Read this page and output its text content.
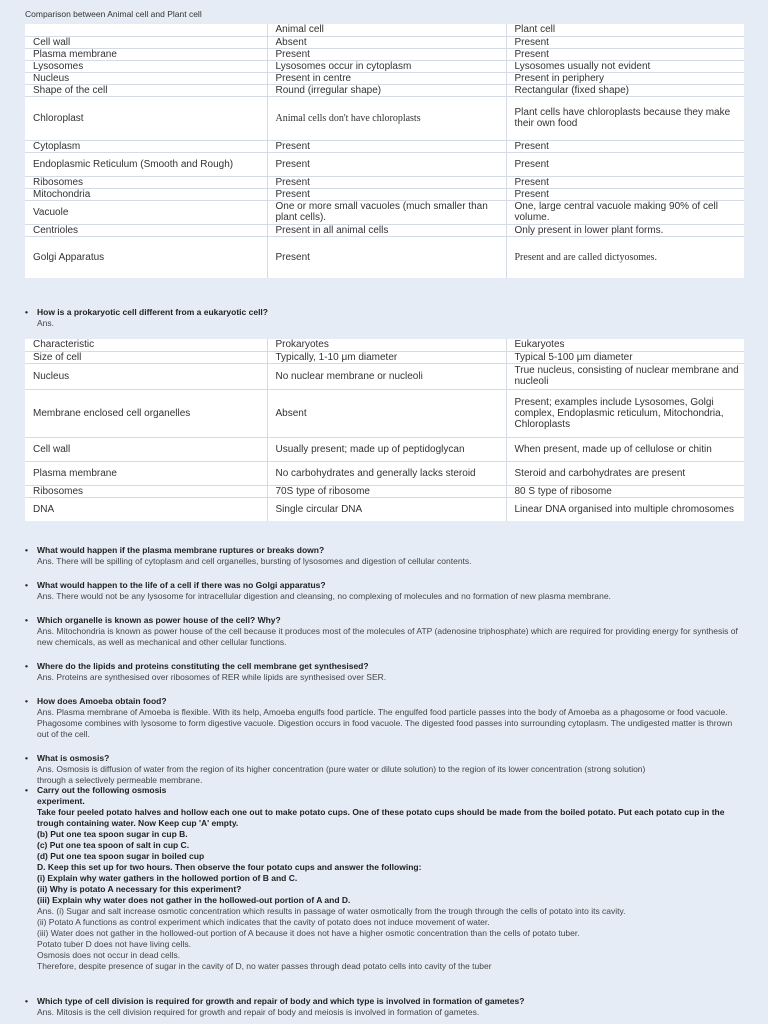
Comparison between Animal cell and Plant cell
	Animal cell	Plant cell
Cell wall	Absent	Present
Plasma membrane	Present	Present
Lysosomes	Lysosomes occur in cytoplasm	Lysosomes usually not evident
Nucleus	Present in centre	Present in periphery
Shape of the cell	Round (irregular shape)	Rectangular (fixed shape)
Chloroplast	Animal cells don't have chloroplasts	Plant cells have chloroplasts because they make their own food
Cytoplasm	Present	Present
Endoplasmic Reticulum (Smooth and Rough)	Present	Present
Ribosomes	Present	Present
Mitochondria	Present	Present
Vacuole	One or more small vacuoles (much smaller than plant cells).	One, large central vacuole making 90% of cell volume.
Centrioles	Present in all animal cells	Only present in lower plant forms.
Golgi Apparatus	Present	Present and are called dictyosomes.
• How is a prokaryotic cell different from a eukaryotic cell?
Ans.
Characteristic	Prokaryotes	Eukaryotes
Size of cell	Typically, 1-10 μm diameter	Typical 5-100 μm diameter
Nucleus	No nuclear membrane or nucleoli	True nucleus, consisting of nuclear membrane and nucleoli
Membrane enclosed cell organelles	Absent	Present; examples include Lysosomes, Golgi complex, Endoplasmic reticulum, Mitochondria, Chloroplasts
Cell wall	Usually present; made up of peptidoglycan	When present, made up of cellulose or chitin
Plasma membrane	No carbohydrates and generally lacks steroid	Steroid and carbohydrates are present
Ribosomes	70S type of ribosome	80 S type of ribosome
DNA	Single circular DNA	Linear DNA organised into multiple chromosomes
• What would happen if the plasma membrane ruptures or breaks down?
Ans. There will be spilling of cytoplasm and cell organelles, bursting of lysosomes and digestion of cellular contents.
• What would happen to the life of a cell if there was no Golgi apparatus?
Ans. There would not be any lysosome for intracellular digestion and cleansing, no complexing of molecules and no formation of new plasma membrane.
• Which organelle is known as power house of the cell? Why?
Ans. Mitochondria is known as power house of the cell because it produces most of the molecules of ATP (adenosine triphosphate) which are required for providing energy for synthesis of new chemicals, as well as mechanical and other cellular functions.
• Where do the lipids and proteins constituting the cell membrane get synthesised?
Ans. Proteins are synthesised over ribosomes of RER while lipids are synthesised over SER.
• How does Amoeba obtain food?
Ans. Plasma membrane of Amoeba is flexible. With its help, Amoeba engulfs food particle. The engulfed food particle passes into the body of Amoeba as a phagosome or food vacuole. Phagosome combines with lysosome to form digestive vacuole. Digestion occurs in food vacuole. The digested food passes into surrounding cytoplasm. The undigested matter is thrown out of the cell.
• What is osmosis?
Ans. Osmosis is diffusion of water from the region of its higher concentration (pure water or dilute solution) to the region of its lower concentration (strong solution)
through a selectively permeable membrane.
• Carry out the following osmosis
experiment.
Take four peeled potato halves and hollow each one out to make potato cups. One of these potato cups should be made from the boiled potato. Put each potato cup in the trough containing water. Now Keep cup 'A' empty.
(b) Put one tea spoon sugar in cup B.
(c) Put one tea spoon of salt in cup C.
(d) Put one tea spoon sugar in boiled cup
D. Keep this set up for two hours. Then observe the four potato cups and answer the following:
(i) Explain why water gathers in the hollowed portion of B and C.
(ii) Why is potato A necessary for this experiment?
(iii) Explain why water does not gather in the hollowed-out portion of A and D.
Ans. (i) Sugar and salt increase osmotic concentration which results in passage of water osmotically from the trough through the cells of potato into its cavity.
(ii) Potato A functions as control experiment which indicates that the cavity of potato does not induce movement of water.
(iii) Water does not gather in the hollowed-out portion of A because it does not have a higher osmotic concentration than the cells of potato tuber.
Potato tuber D does not have living cells.
Osmosis does not occur in dead cells.
Therefore, despite presence of sugar in the cavity of D, no water passes through dead potato cells into cavity of the tuber
• Which type of cell division is required for growth and repair of body and which type is involved in formation of gametes?
Ans. Mitosis is the cell division required for growth and repair of body and meiosis is involved in formation of gametes.
